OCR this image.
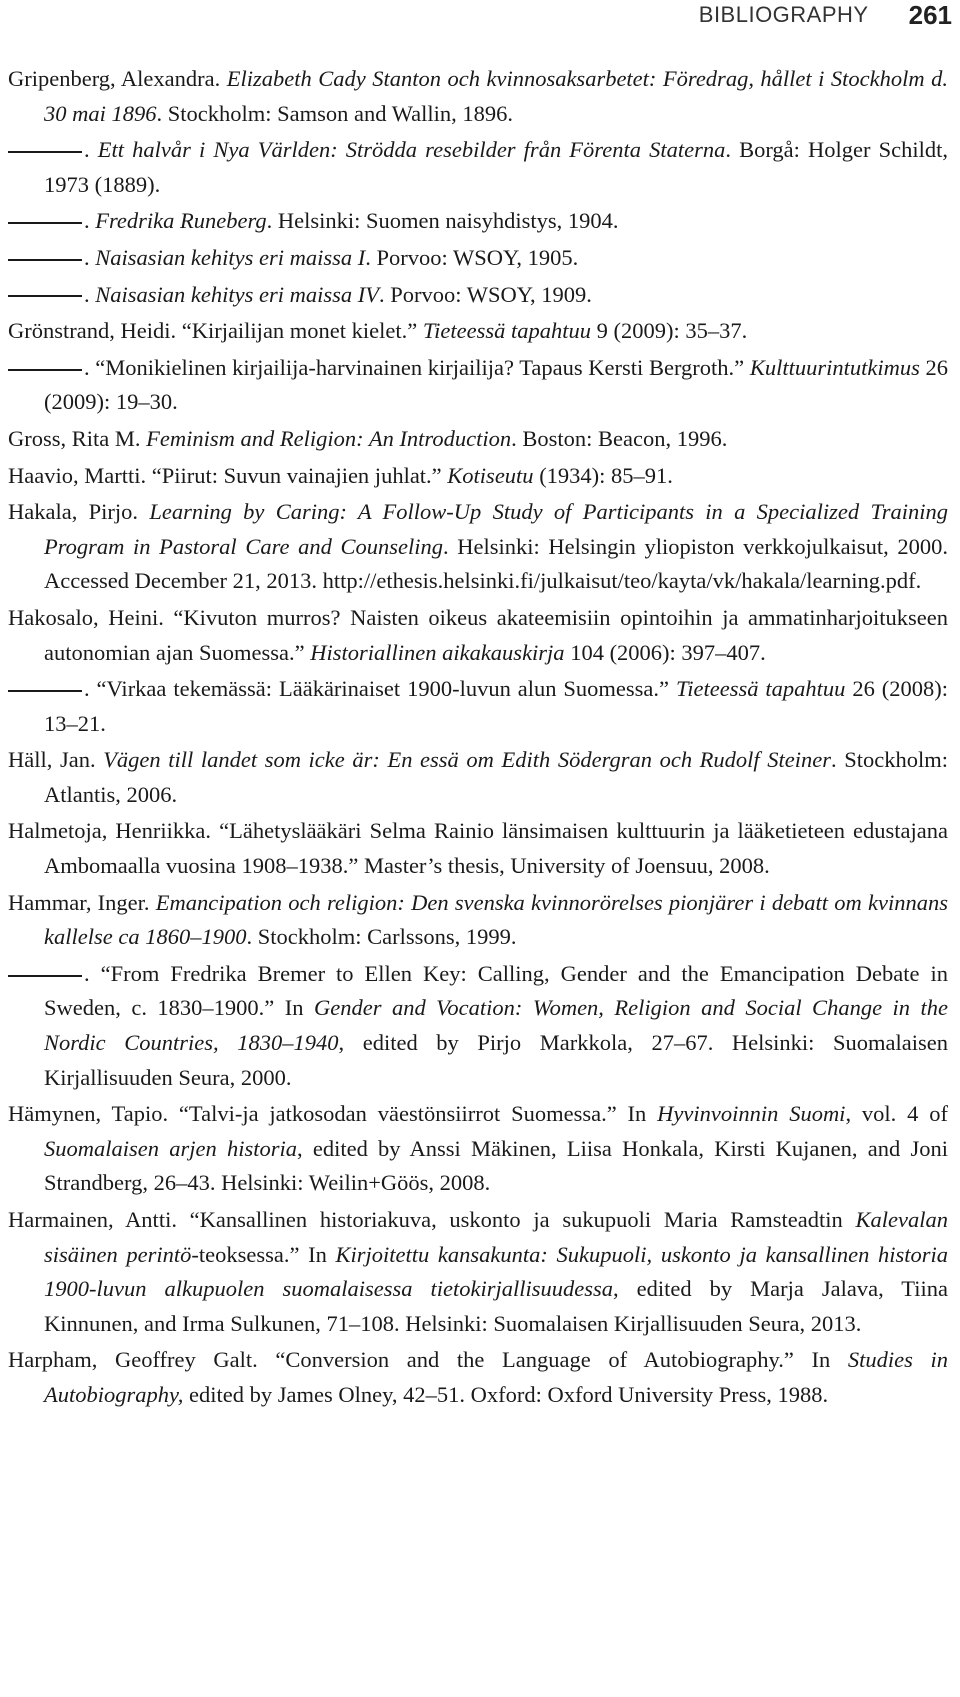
BIBLIOGRAPHY 261

Gripenberg, Alexandra. Elizabeth Cady Stanton och kvinnosaksarbetet: Föredrag, hållet i Stockholm d. 30 mai 1896. Stockholm: Samson and Wallin, 1896.

. Ett halvår i Nya Världen: Strödda resebilder från Förenta Staterna. Borgå: Holger Schildt, 1973 (1889).

. Fredrika Runeberg. Helsinki: Suomen naisyhdistys, 1904.

. Naisasian kehitys eri maissa I. Porvoo: WSOY, 1905.

. Naisasian kehitys eri maissa IV. Porvoo: WSOY, 1909.

Grönstrand, Heidi. “Kirjailijan monet kielet.” Tieteessä tapahtuu 9 (2009): 35–37.

. “Monikielinen kirjailija-harvinainen kirjailija? Tapaus Kersti Bergroth.” Kulttuurintutkimus 26 (2009): 19–30.

Gross, Rita M. Feminism and Religion: An Introduction. Boston: Beacon, 1996.

Haavio, Martti. “Piirut: Suvun vainajien juhlat.” Kotiseutu (1934): 85–91.

Hakala, Pirjo. Learning by Caring: A Follow-Up Study of Participants in a Specialized Training Program in Pastoral Care and Counseling. Helsinki: Helsingin yliopiston verkkojulkaisut, 2000. Accessed December 21, 2013. http://ethesis.helsinki.fi/julkaisut/teo/kayta/vk/hakala/learning.pdf.

Hakosalo, Heini. “Kivuton murros? Naisten oikeus akateemisiin opintoihin ja ammatinharjoitukseen autonomian ajan Suomessa.” Historiallinen aikakauskirja 104 (2006): 397–407.

. “Virkaa tekemässä: Lääkärinaiset 1900-luvun alun Suomessa.” Tieteessä tapahtuu 26 (2008): 13–21.

Häll, Jan. Vägen till landet som icke är: En essä om Edith Södergran och Rudolf Steiner. Stockholm: Atlantis, 2006.

Halmetoja, Henriikka. “Lähetyslääkäri Selma Rainio länsimaisen kulttuurin ja lääketieteen edustajana Ambomaalla vuosina 1908–1938.” Master’s thesis, University of Joensuu, 2008.

Hammar, Inger. Emancipation och religion: Den svenska kvinnorörelses pionjärer i debatt om kvinnans kallelse ca 1860–1900. Stockholm: Carlssons, 1999.

. “From Fredrika Bremer to Ellen Key: Calling, Gender and the Emancipation Debate in Sweden, c. 1830–1900.” In Gender and Vocation: Women, Religion and Social Change in the Nordic Countries, 1830–1940, edited by Pirjo Markkola, 27–67. Helsinki: Suomalaisen Kirjallisuuden Seura, 2000.

Hämynen, Tapio. “Talvi-ja jatkosodan väestönsiirrot Suomessa.” In Hyvinvoinnin Suomi, vol. 4 of Suomalaisen arjen historia, edited by Anssi Mäkinen, Liisa Honkala, Kirsti Kujanen, and Joni Strandberg, 26–43. Helsinki: Weilin+Göös, 2008.

Harmainen, Antti. “Kansallinen historiakuva, uskonto ja sukupuoli Maria Ramsteadtin Kalevalan sisäinen perintö-teoksessa.” In Kirjoitettu kansakunta: Sukupuoli, uskonto ja kansallinen historia 1900-luvun alkupuolen suomalaisessa tietokirjallisuudessa, edited by Marja Jalava, Tiina Kinnunen, and Irma Sulkunen, 71–108. Helsinki: Suomalaisen Kirjallisuuden Seura, 2013.

Harpham, Geoffrey Galt. “Conversion and the Language of Autobiography.” In Studies in Autobiography, edited by James Olney, 42–51. Oxford: Oxford University Press, 1988.
